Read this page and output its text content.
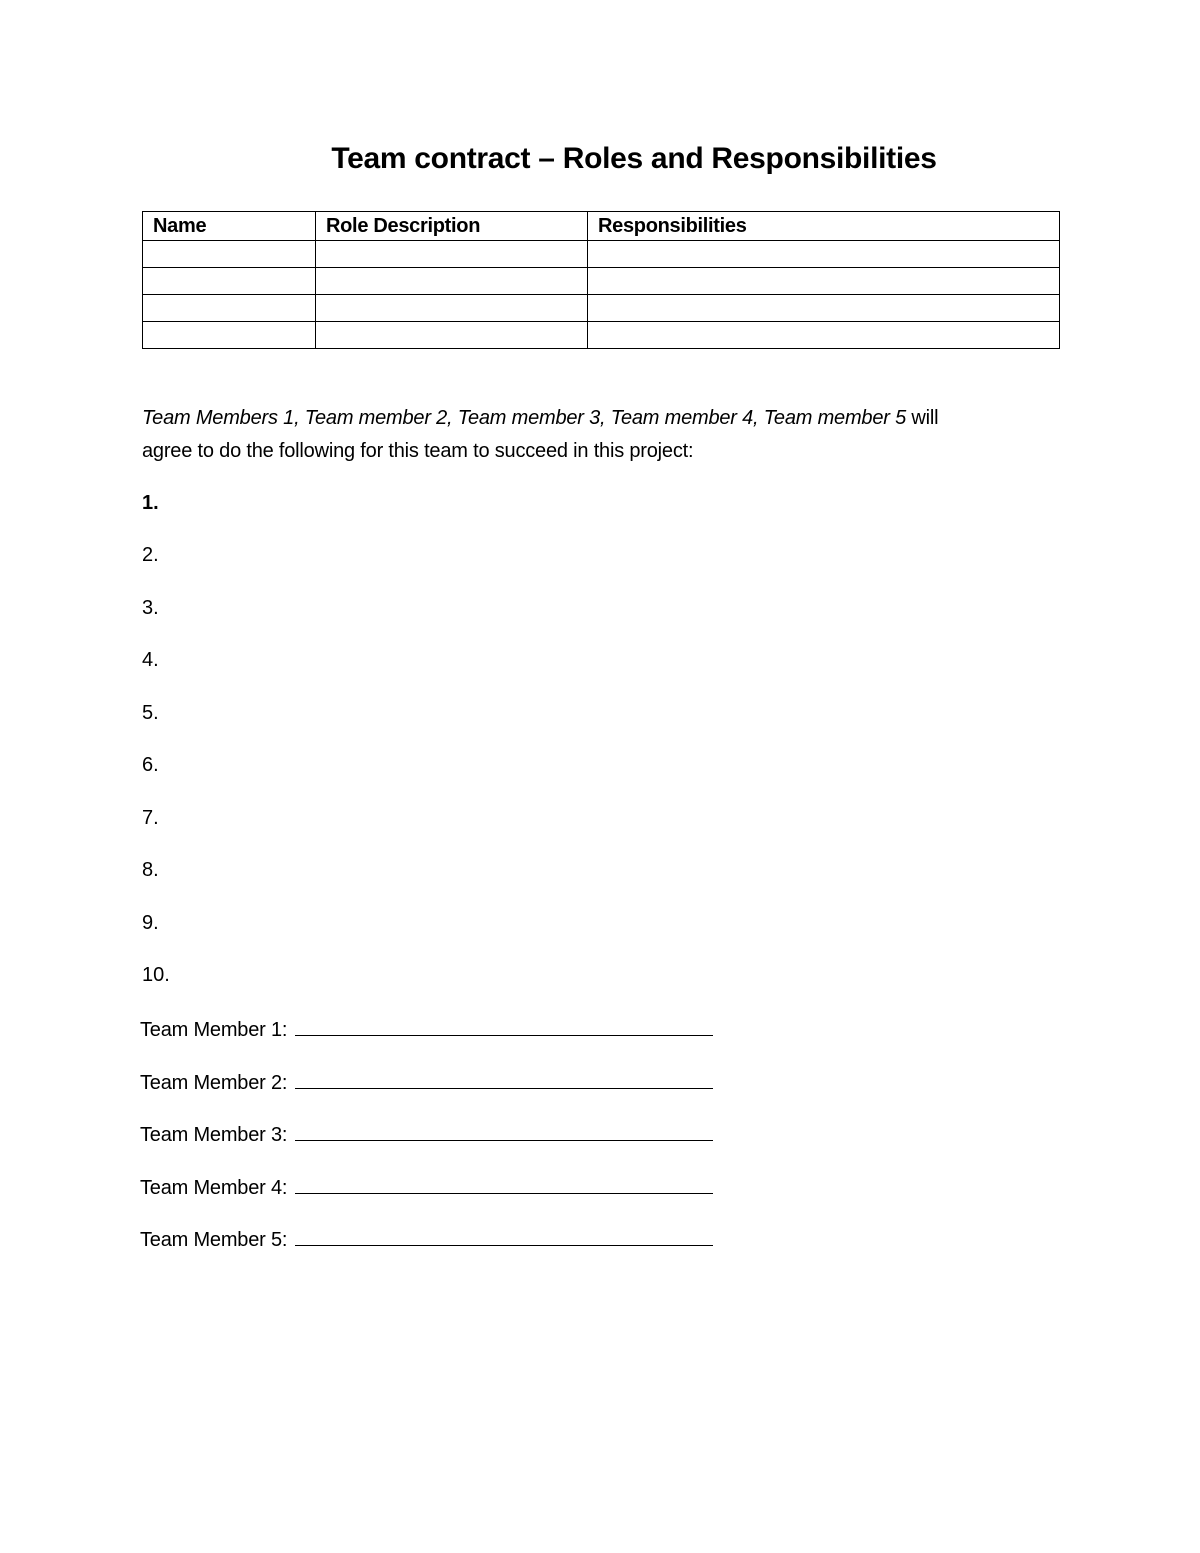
Team contract – Roles and Responsibilities
Name	Role Description	Responsibilities

Team Members 1, Team member 2, Team member 3, Team member 4, Team member 5 will
agree to do the following for this team to succeed in this project:
1.
2.
3.
4.
5.
6.
7.
8.
9.
10.
Team Member 1:
Team Member 2:
Team Member 3:
Team Member 4:
Team Member 5:
